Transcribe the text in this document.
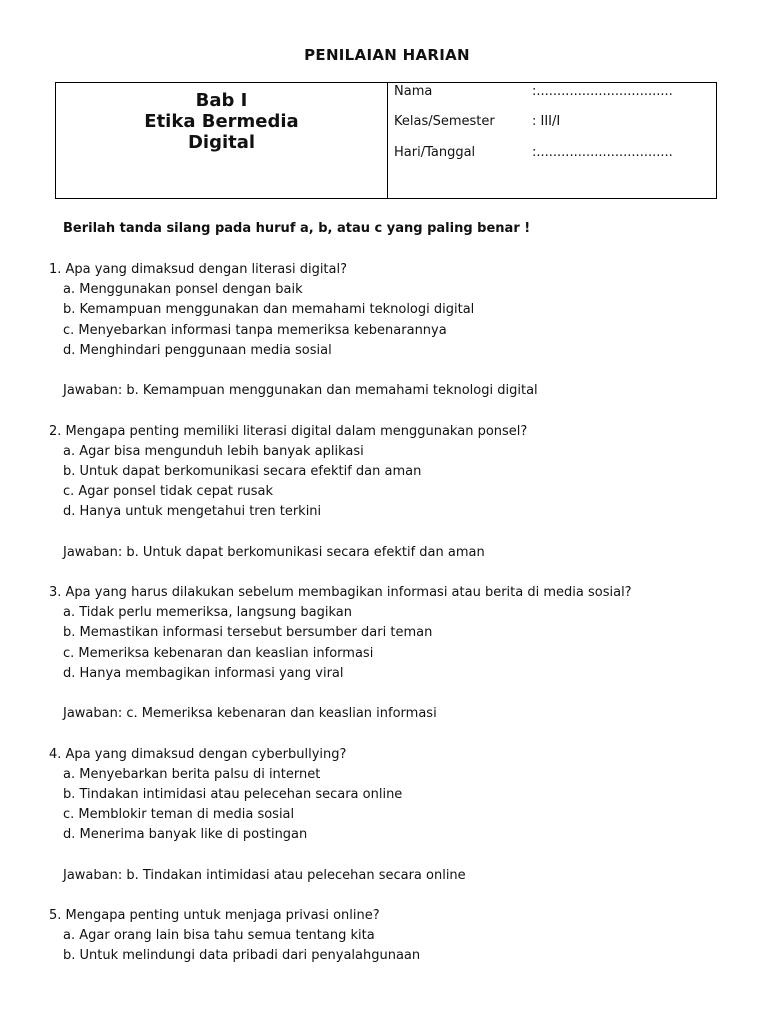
PENILAIAN HARIAN
Bab I
Etika Bermedia
Digital
Nama	:.................................
Kelas/Semester	: III/I
Hari/Tanggal	:.................................
Berilah tanda silang pada huruf a, b, atau c yang paling benar !
1. Apa yang dimaksud dengan literasi digital?
a. Menggunakan ponsel dengan baik
b. Kemampuan menggunakan dan memahami teknologi digital
c. Menyebarkan informasi tanpa memeriksa kebenarannya
d. Menghindari penggunaan media sosial
Jawaban: b. Kemampuan menggunakan dan memahami teknologi digital
2. Mengapa penting memiliki literasi digital dalam menggunakan ponsel?
a. Agar bisa mengunduh lebih banyak aplikasi
b. Untuk dapat berkomunikasi secara efektif dan aman
c. Agar ponsel tidak cepat rusak
d. Hanya untuk mengetahui tren terkini
Jawaban: b. Untuk dapat berkomunikasi secara efektif dan aman
3. Apa yang harus dilakukan sebelum membagikan informasi atau berita di media sosial?
a. Tidak perlu memeriksa, langsung bagikan
b. Memastikan informasi tersebut bersumber dari teman
c. Memeriksa kebenaran dan keaslian informasi
d. Hanya membagikan informasi yang viral
Jawaban: c. Memeriksa kebenaran dan keaslian informasi
4. Apa yang dimaksud dengan cyberbullying?
a. Menyebarkan berita palsu di internet
b. Tindakan intimidasi atau pelecehan secara online
c. Memblokir teman di media sosial
d. Menerima banyak like di postingan
Jawaban: b. Tindakan intimidasi atau pelecehan secara online
5. Mengapa penting untuk menjaga privasi online?
a. Agar orang lain bisa tahu semua tentang kita
b. Untuk melindungi data pribadi dari penyalahgunaan
